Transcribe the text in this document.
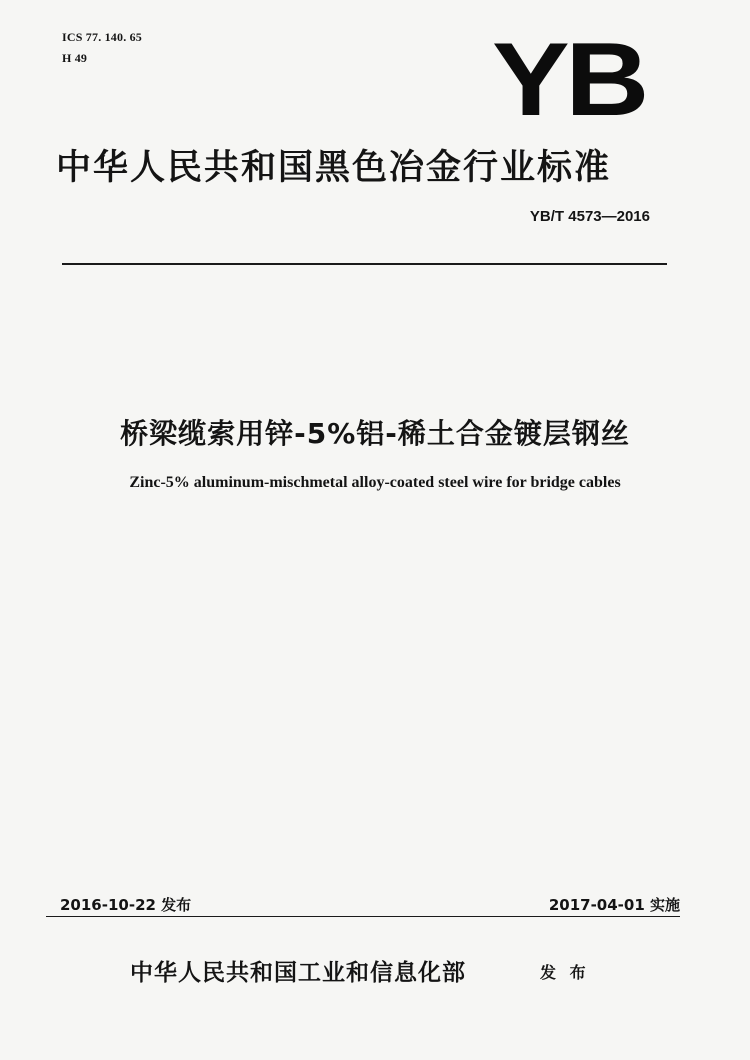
ICS 77. 140. 65
H 49	YB
中华人民共和国黑色冶金行业标准
YB/T 4573—2016
桥梁缆索用锌-5%铝-稀土合金镀层钢丝
Zinc-5% aluminum-mischmetal alloy-coated steel wire for bridge cables
2016-10-22 发布	2017-04-01 实施
中华人民共和国工业和信息化部	发 布
